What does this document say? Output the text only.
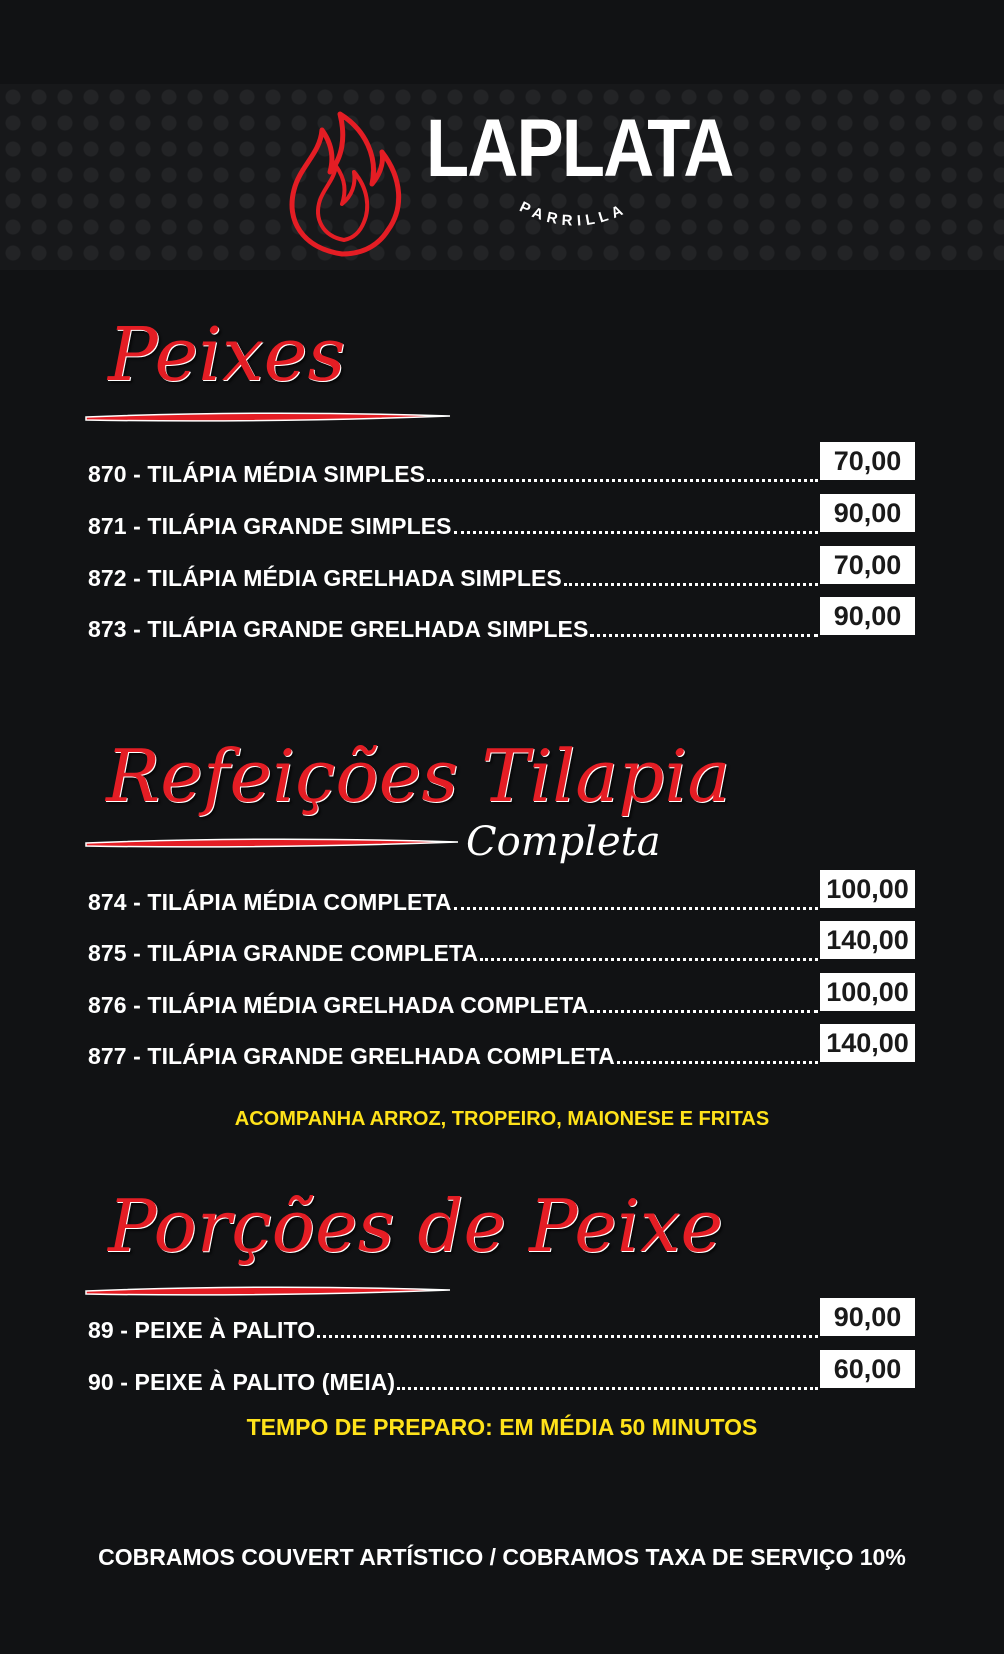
LAPLATA
PARRILLA
Peixes
870 - TILÁPIA MÉDIA SIMPLES	70,00
871 - TILÁPIA GRANDE SIMPLES	90,00
872 - TILÁPIA MÉDIA GRELHADA SIMPLES	70,00
873 - TILÁPIA GRANDE GRELHADA SIMPLES	90,00
Refeições Tilapia
Completa
874 - TILÁPIA MÉDIA COMPLETA	100,00
875 - TILÁPIA GRANDE COMPLETA	140,00
876 - TILÁPIA MÉDIA GRELHADA COMPLETA	100,00
877 - TILÁPIA GRANDE GRELHADA COMPLETA	140,00
ACOMPANHA ARROZ, TROPEIRO, MAIONESE E FRITAS
Porções de Peixe
89 - PEIXE À PALITO	90,00
90 - PEIXE À PALITO (MEIA)	60,00
TEMPO DE PREPARO: EM MÉDIA 50 MINUTOS
COBRAMOS COUVERT ARTÍSTICO / COBRAMOS TAXA DE SERVIÇO 10%
